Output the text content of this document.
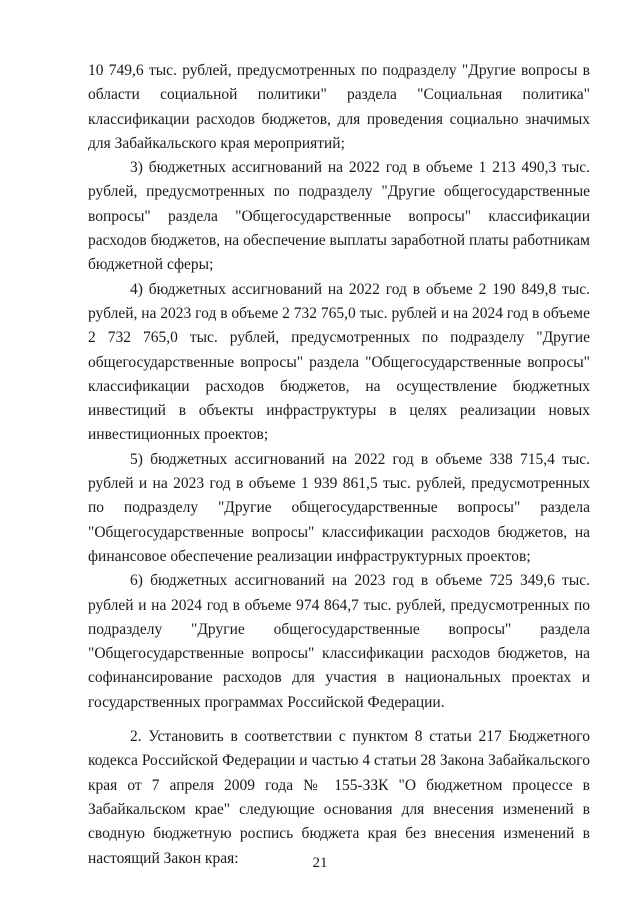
10 749,6 тыс. рублей, предусмотренных по подразделу "Другие вопросы в области социальной политики" раздела "Социальная политика" классификации расходов бюджетов, для проведения социально значимых для Забайкальского края мероприятий;

3) бюджетных ассигнований на 2022 год в объеме 1 213 490,3 тыс. рублей, предусмотренных по подразделу "Другие общегосударственные вопросы" раздела "Общегосударственные вопросы" классификации расходов бюджетов, на обеспечение выплаты заработной платы работникам бюджетной сферы;

4) бюджетных ассигнований на 2022 год в объеме 2 190 849,8 тыс. рублей, на 2023 год в объеме 2 732 765,0 тыс. рублей и на 2024 год в объеме 2 732 765,0 тыс. рублей, предусмотренных по подразделу "Другие общегосударственные вопросы" раздела "Общегосударственные вопросы" классификации расходов бюджетов, на осуществление бюджетных инвестиций в объекты инфраструктуры в целях реализации новых инвестиционных проектов;

5) бюджетных ассигнований на 2022 год в объеме 338 715,4 тыс. рублей и на 2023 год в объеме 1 939 861,5 тыс. рублей, предусмотренных по подразделу "Другие общегосударственные вопросы" раздела "Общегосударственные вопросы" классификации расходов бюджетов, на финансовое обеспечение реализации инфраструктурных проектов;

6) бюджетных ассигнований на 2023 год в объеме 725 349,6 тыс. рублей и на 2024 год в объеме 974 864,7 тыс. рублей, предусмотренных по подразделу "Другие общегосударственные вопросы" раздела "Общегосударственные вопросы" классификации расходов бюджетов, на софинансирование расходов для участия в национальных проектах и государственных программах Российской Федерации.

2. Установить в соответствии с пунктом 8 статьи 217 Бюджетного кодекса Российской Федерации и частью 4 статьи 28 Закона Забайкальского края от 7 апреля 2009 года № 155-ЗЗК "О бюджетном процессе в Забайкальском крае" следующие основания для внесения изменений в сводную бюджетную роспись бюджета края без внесения изменений в настоящий Закон края:	21
